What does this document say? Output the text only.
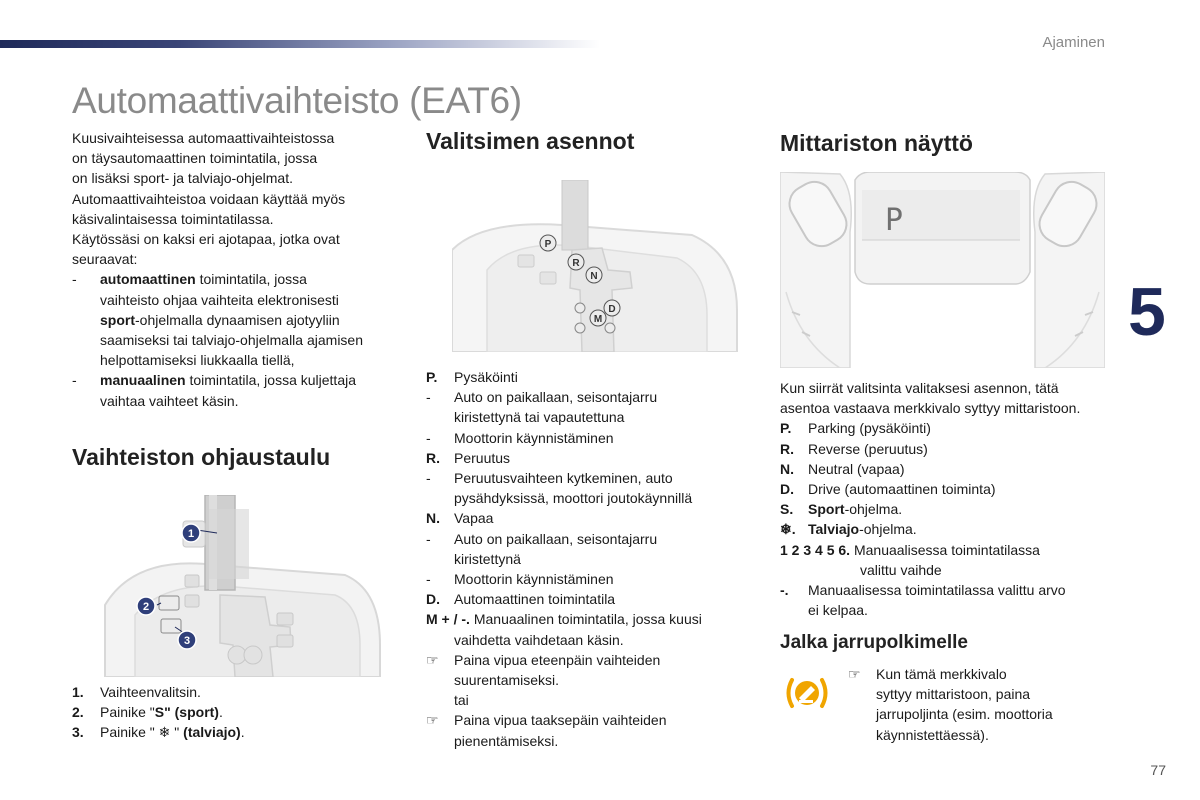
Ajaminen
Automaattivaihteisto (EAT6)
5
77
Kuusivaihteisessa automaattivaihteistossa
on täysautomaattinen toimintatila, jossa
on lisäksi sport- ja talviajo-ohjelmat.
Automaattivaihteistoa voidaan käyttää myös
käsivalintaisessa toimintatilassa.
Käytössäsi on kaksi eri ajotapaa, jotka ovat
seuraavat:
-	automaattinen toimintatila, jossa
vaihteisto ohjaa vaihteita elektronisesti
sport-ohjelmalla dynaamisen ajotyyliin
saamiseksi tai talviajo-ohjelmalla ajamisen
helpottamiseksi liukkaalla tiellä,
-	manuaalinen toimintatila, jossa kuljettaja
vaihtaa vaihteet käsin.
Vaihteiston ohjaustaulu
1
2
3
1.	Vaihteenvalitsin.
2.	Painike "S" (sport).
3.	Painike " ❄ " (talviajo).
Valitsimen asennot
P
R
N
D
M
P.	Pysäköinti
-	Auto on paikallaan, seisontajarru
kiristettynä tai vapautettuna
-	Moottorin käynnistäminen
R.	Peruutus
-	Peruutusvaihteen kytkeminen, auto
pysähdyksissä, moottori joutokäynnillä
N.	Vapaa
-	Auto on paikallaan, seisontajarru
kiristettynä
-	Moottorin käynnistäminen
D.	Automaattinen toimintatila
M + / -. Manuaalinen toimintatila, jossa kuusi
vaihdetta vaihdetaan käsin.
☞	Paina vipua eteenpäin vaihteiden
suurentamiseksi.
tai
☞	Paina vipua taaksepäin vaihteiden
pienentämiseksi.
Mittariston näyttö
P
Kun siirrät valitsinta valitaksesi asennon, tätä
asentoa vastaava merkkivalo syttyy mittaristoon.
P.	Parking (pysäköinti)
R.	Reverse (peruutus)
N.	Neutral (vapaa)
D.	Drive (automaattinen toiminta)
S.	Sport-ohjelma.
❄. Talviajo-ohjelma.
1 2 3 4 5 6. Manuaalisessa toimintatilassa
valittu vaihde
-.	Manuaalisessa toimintatilassa valittu arvo
ei kelpaa.
Jalka jarrupolkimelle
☞	Kun tämä merkkivalo
syttyy mittaristoon, paina
jarrupoljinta (esim. moottoria
käynnistettäessä).
